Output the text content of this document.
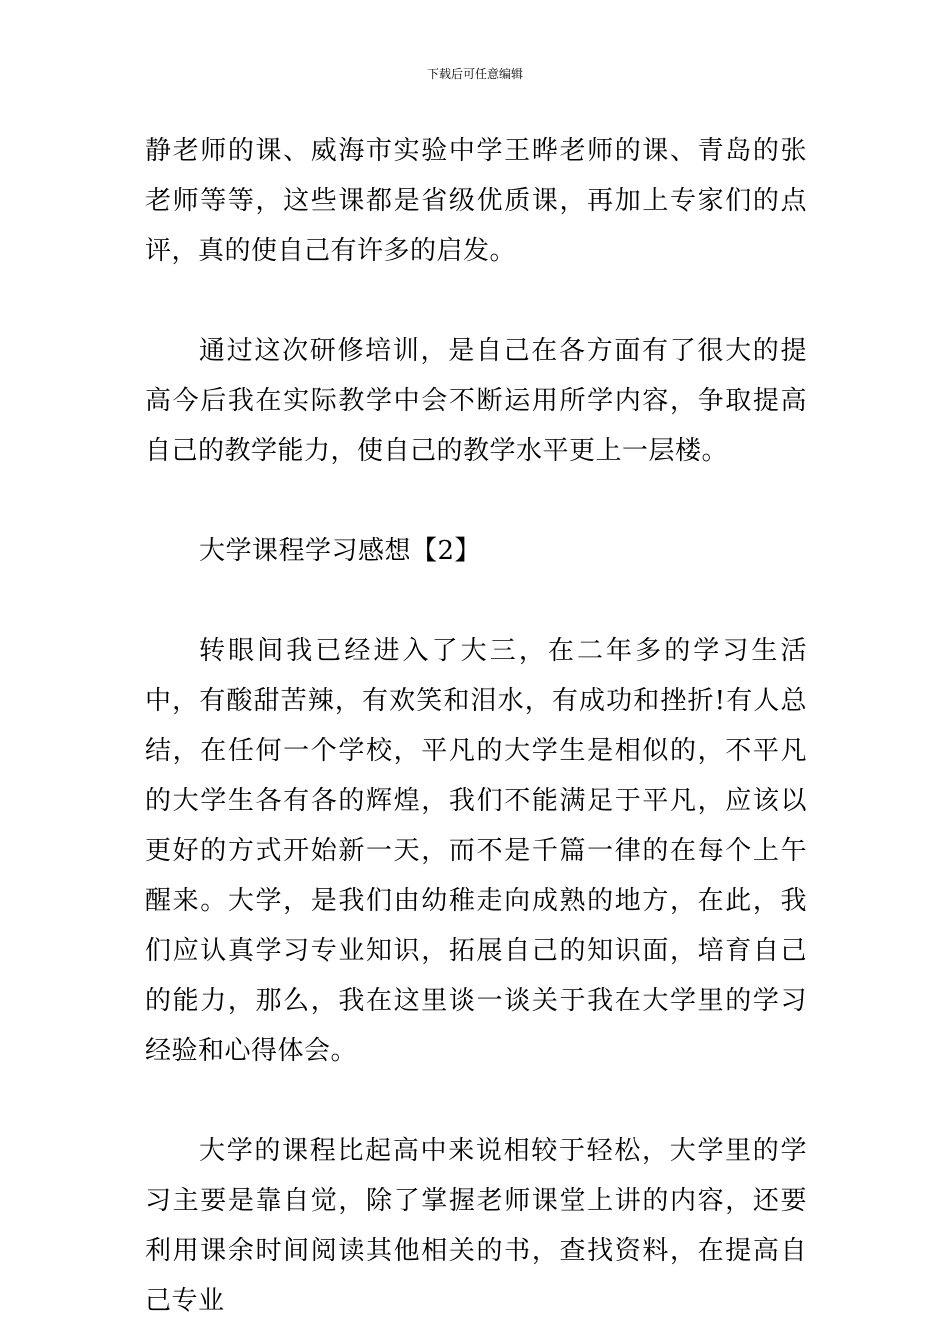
下载后可任意编辑

静老师的课、威海市实验中学王晔老师的课、青岛的张老师等等，这些课都是省级优质课，再加上专家们的点评，真的使自己有许多的启发。

通过这次研修培训，是自己在各方面有了很大的提高今后我在实际教学中会不断运用所学内容，争取提高自己的教学能力，使自己的教学水平更上一层楼。

大学课程学习感想【2】

转眼间我已经进入了大三，在二年多的学习生活中，有酸甜苦辣，有欢笑和泪水，有成功和挫折!有人总结，在任何一个学校，平凡的大学生是相似的，不平凡的大学生各有各的辉煌，我们不能满足于平凡，应该以更好的方式开始新一天，而不是千篇一律的在每个上午醒来。大学，是我们由幼稚走向成熟的地方，在此，我们应认真学习专业知识，拓展自己的知识面，培育自己的能力，那么，我在这里谈一谈关于我在大学里的学习经验和心得体会。

大学的课程比起高中来说相较于轻松，大学里的学习主要是靠自觉，除了掌握老师课堂上讲的内容，还要利用课余时间阅读其他相关的书，查找资料，在提高自己专业
